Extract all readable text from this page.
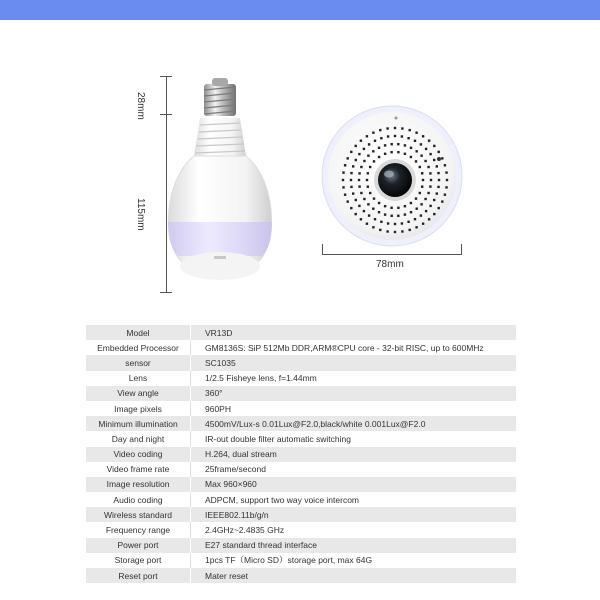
28mm
115mm
78mm
Model	VR13D
Embedded Processor	GM8136S: SiP 512Mb DDR,ARM®CPU core - 32-bit RISC, up to 600MHz
sensor	SC1035
Lens	1/2.5 Fisheye lens, f=1.44mm
View angle	360°
Image pixels	960PH
Minimum illumination	4500mV/Lux-s 0.01Lux@F2.0,black/white 0.001Lux@F2.0
Day and night	IR-out double filter automatic switching
Video coding	H.264, dual stream
Video frame rate	25frame/second
Image resolution	Max 960×960
Audio coding	ADPCM, support two way voice intercom
Wireless standard	IEEE802.11b/g/n
Frequency range	2.4GHz~2.4835 GHz
Power port	E27 standard thread interface
Storage port	1pcs TF（Micro SD）storage port, max 64G
Reset port	Mater reset
